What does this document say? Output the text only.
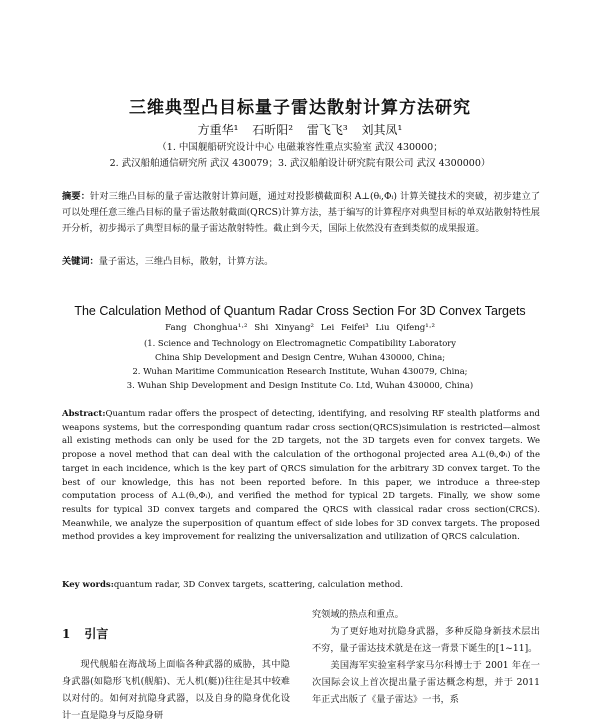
三维典型凸目标量子雷达散射计算方法研究
方重华¹ 石昕阳² 雷飞飞³ 刘其凤¹
（1. 中国舰船研究设计中心 电磁兼容性重点实验室 武汉 430000；
2. 武汉船舶通信研究所 武汉 430079；3. 武汉船舶设计研究院有限公司 武汉 4300000）
摘要：针对三维凸目标的量子雷达散射计算问题，通过对投影横截面积 A⊥(θᵢ,Φᵢ) 计算关键技术的突破，初步建立了可以处理任意三维凸目标的量子雷达散射截面(QRCS)计算方法，基于编写的计算程序对典型目标的单双站散射特性展开分析，初步揭示了典型目标的量子雷达散射特性。截止到今天，国际上依然没有查到类似的成果报道。
关键词：量子雷达，三维凸目标，散射，计算方法。
The Calculation Method of Quantum Radar Cross Section For 3D Convex Targets
Fang Chonghua¹·² Shi Xinyang² Lei Feifei³ Liu Qifeng¹·²
(1. Science and Technology on Electromagnetic Compatibility Laboratory
China Ship Development and Design Centre, Wuhan 430000, China;
2. Wuhan Maritime Communication Research Institute, Wuhan 430079, China;
3. Wuhan Ship Development and Design Institute Co. Ltd, Wuhan 430000, China)
Abstract:Quantum radar offers the prospect of detecting, identifying, and resolving RF stealth platforms and weapons systems, but the corresponding quantum radar cross section(QRCS)simulation is restricted—almost all existing methods can only be used for the 2D targets, not the 3D targets even for convex targets. We propose a novel method that can deal with the calculation of the orthogonal projected area A⊥(θᵢ,Φᵢ) of the target in each incidence, which is the key part of QRCS simulation for the arbitrary 3D convex target. To the best of our knowledge, this has not been reported before. In this paper, we introduce a three-step computation process of A⊥(θᵢ,Φᵢ), and verified the method for typical 2D targets. Finally, we show some results for typical 3D convex targets and compared the QRCS with classical radar cross section(CRCS). Meanwhile, we analyze the superposition of quantum effect of side lobes for 3D convex targets. The proposed method provides a key improvement for realizing the universalization and utilization of QRCS calculation.
Key words:quantum radar, 3D Convex targets, scattering, calculation method.
1 引言
现代舰船在海战场上面临各种武器的威胁，其中隐身武器(如隐形飞机(舰船)、无人机(艇))往往是其中较难以对付的。如何对抗隐身武器，以及自身的隐身优化设计一直是隐身与反隐身研

究领域的热点和重点。

为了更好地对抗隐身武器，多种反隐身新技术层出不穷，量子雷达技术就是在这一背景下诞生的[1~11]。

美国海军实验室科学家马尔科博士于 2001 年在一次国际会议上首次提出量子雷达概念构想，并于 2011 年正式出版了《量子雷达》一书，系
